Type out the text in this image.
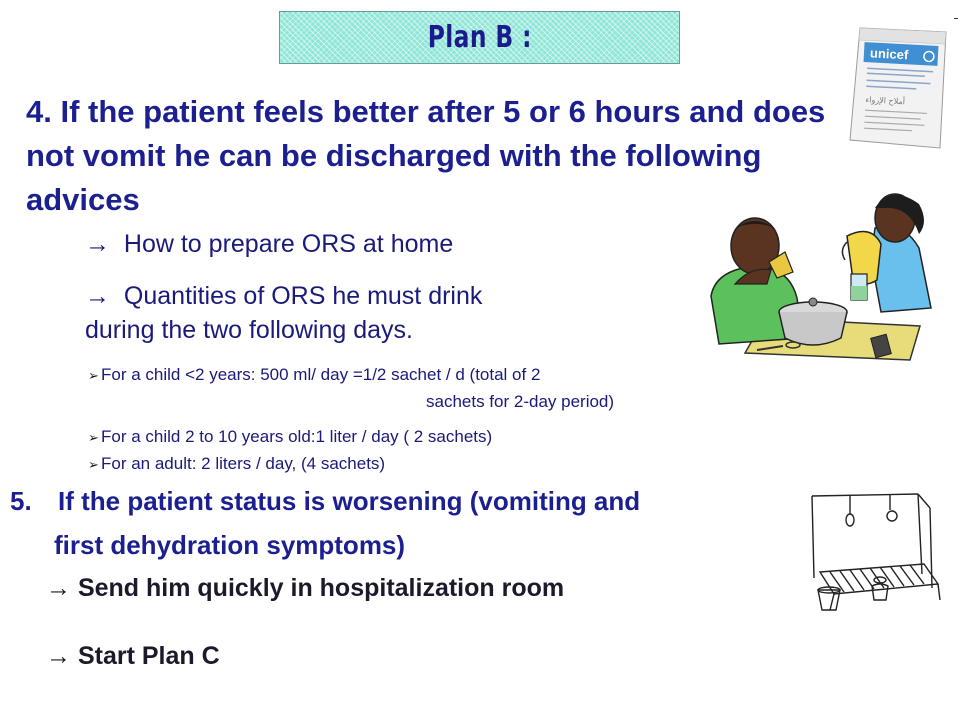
Plan B :	unicef
أملاح الإرواء
4. If the patient feels better after 5 or 6 hours and does not vomit he can be discharged with the following advices
→ How to prepare ORS at home
→ Quantities of ORS he must drink
during the two following days.
➢ For a child <2 years: 500 ml/ day =1/2 sachet / d (total of 2
sachets for 2-day period)
➢ For a child 2 to 10 years old:1 liter / day ( 2 sachets)
➢ For an adult: 2 liters / day, (4 sachets)
5. If the patient status is worsening (vomiting and
first dehydration symptoms)
→ Send him quickly in hospitalization room
→ Start Plan C
